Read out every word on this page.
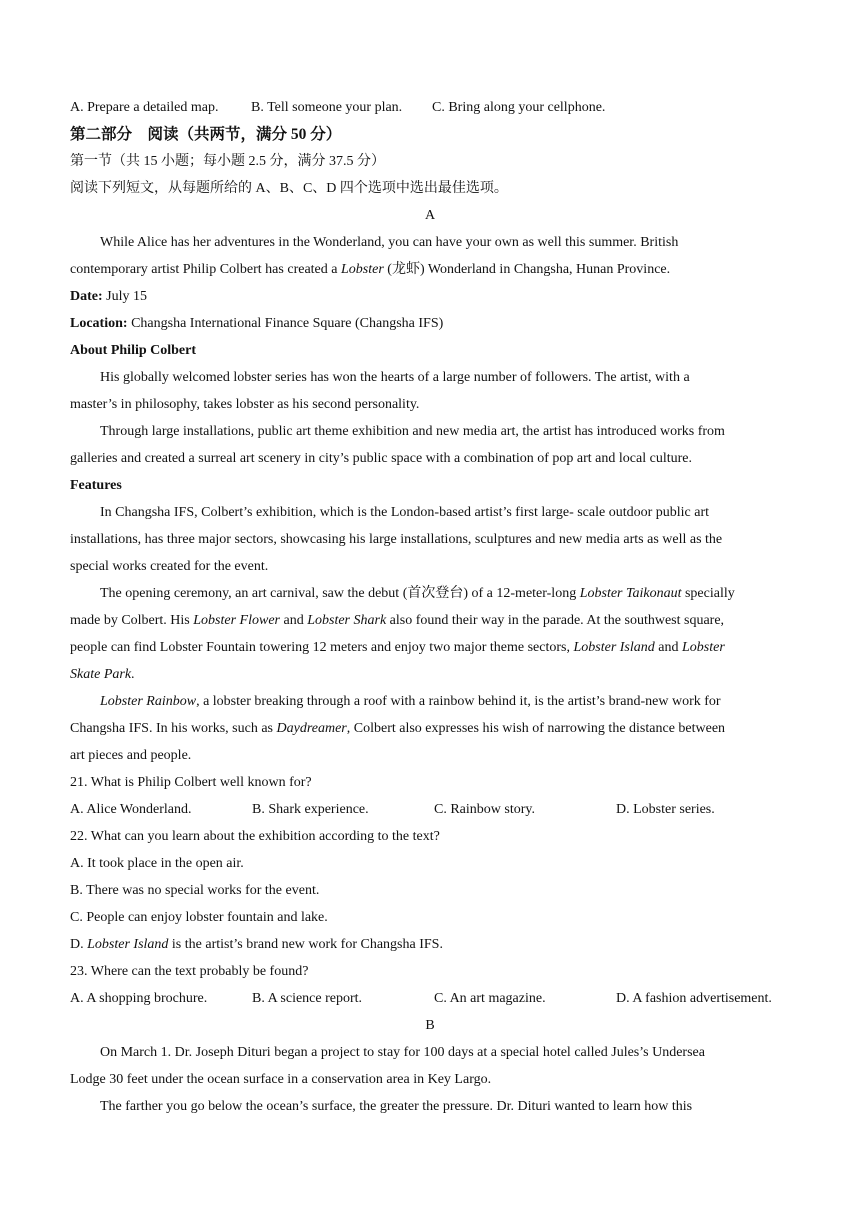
A. Prepare a detailed map. B. Tell someone your plan. C. Bring along your cellphone.
第二部分　阅读（共两节，满分 50 分）
第一节（共 15 小题；每小题 2.5 分，满分 37.5 分）
阅读下列短文，从每题所给的 A、B、C、D 四个选项中选出最佳选项。
A
While Alice has her adventures in the Wonderland, you can have your own as well this summer. British
contemporary artist Philip Colbert has created a Lobster (龙虾) Wonderland in Changsha, Hunan Province.
Date: July 15
Location: Changsha International Finance Square (Changsha IFS)
About Philip Colbert
His globally welcomed lobster series has won the hearts of a large number of followers. The artist, with a
master’s in philosophy, takes lobster as his second personality.
Through large installations, public art theme exhibition and new media art, the artist has introduced works from
galleries and created a surreal art scenery in city’s public space with a combination of pop art and local culture.
Features
In Changsha IFS, Colbert’s exhibition, which is the London-based artist’s first large- scale outdoor public art
installations, has three major sectors, showcasing his large installations, sculptures and new media arts as well as the
special works created for the event.
The opening ceremony, an art carnival, saw the debut (首次登台) of a 12-meter-long Lobster Taikonaut specially
made by Colbert. His Lobster Flower and Lobster Shark also found their way in the parade. At the southwest square,
people can find Lobster Fountain towering 12 meters and enjoy two major theme sectors, Lobster Island and Lobster
Skate Park.
Lobster Rainbow, a lobster breaking through a roof with a rainbow behind it, is the artist’s brand-new work for
Changsha IFS. In his works, such as Daydreamer, Colbert also expresses his wish of narrowing the distance between
art pieces and people.
21. What is Philip Colbert well known for?
A. Alice Wonderland.	B. Shark experience.	C. Rainbow story.	D. Lobster series.
22. What can you learn about the exhibition according to the text?
A. It took place in the open air.
B. There was no special works for the event.
C. People can enjoy lobster fountain and lake.
D. Lobster Island is the artist’s brand new work for Changsha IFS.
23. Where can the text probably be found?
A. A shopping brochure.	B. A science report.	C. An art magazine.	D. A fashion advertisement.
B
On March 1. Dr. Joseph Dituri began a project to stay for 100 days at a special hotel called Jules’s Undersea
Lodge 30 feet under the ocean surface in a conservation area in Key Largo.
The farther you go below the ocean’s surface, the greater the pressure. Dr. Dituri wanted to learn how this
